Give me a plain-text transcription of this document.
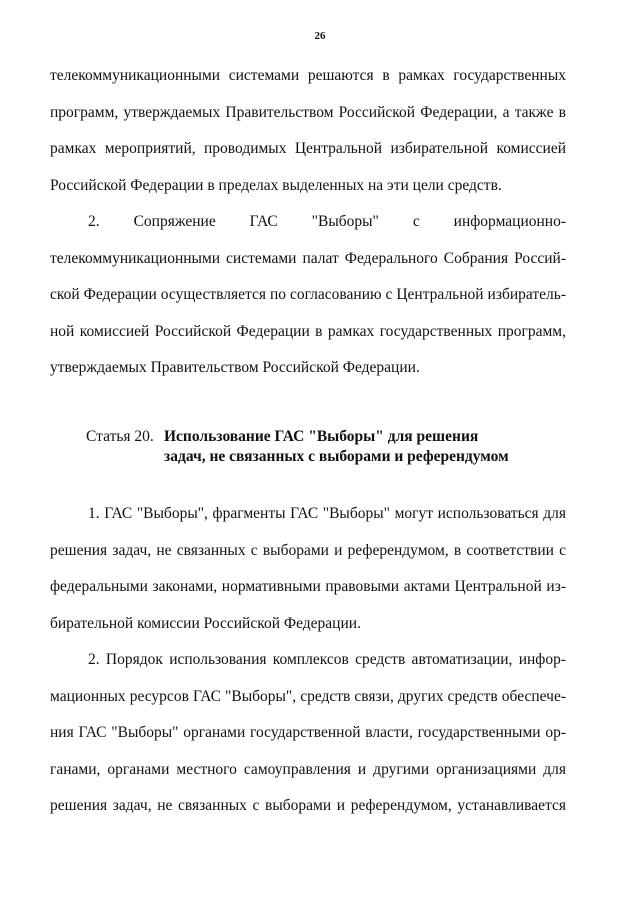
26
телекоммуникационными системами решаются в рамках государственных
программ, утверждаемых Правительством Российской Федерации, а также в
рамках мероприятий, проводимых Центральной избирательной комиссией
Российской Федерации в пределах выделенных на эти цели средств.
2. Сопряжение ГАС "Выборы" с информационно-
телекоммуникационными системами палат Федерального Собрания Россий-
ской Федерации осуществляется по согласованию с Центральной избиратель-
ной комиссией Российской Федерации в рамках государственных программ,
утверждаемых Правительством Российской Федерации.
Статья 20. Использование ГАС "Выборы" для решения
задач, не связанных с выборами и референдумом
1. ГАС "Выборы", фрагменты ГАС "Выборы" могут использоваться для
решения задач, не связанных с выборами и референдумом, в соответствии с
федеральными законами, нормативными правовыми актами Центральной из-
бирательной комиссии Российской Федерации.
2. Порядок использования комплексов средств автоматизации, инфор-
мационных ресурсов ГАС "Выборы", средств связи, других средств обеспече-
ния ГАС "Выборы" органами государственной власти, государственными ор-
ганами, органами местного самоуправления и другими организациями для
решения задач, не связанных с выборами и референдумом, устанавливается
